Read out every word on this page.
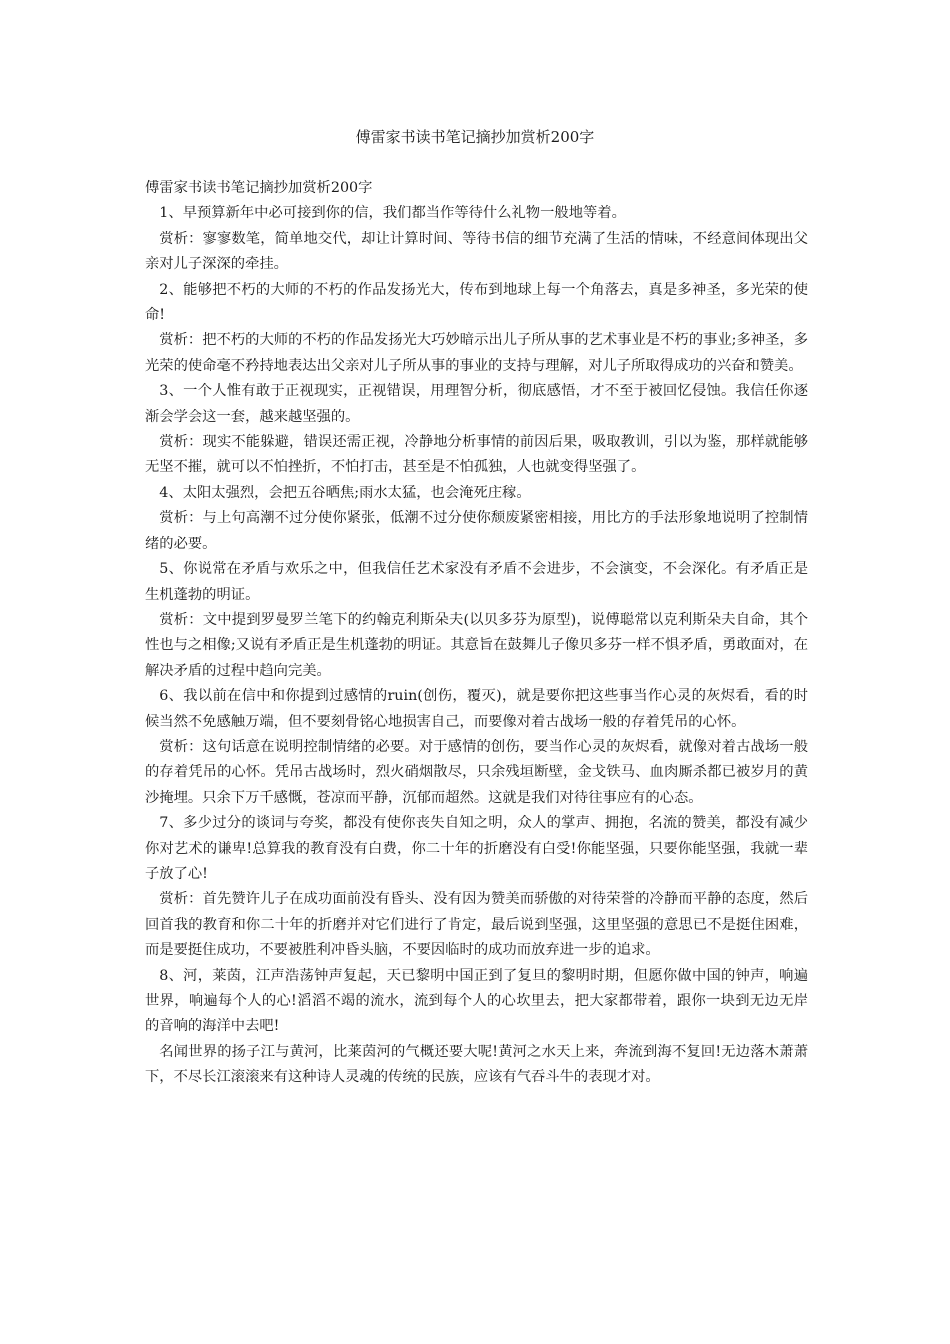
傅雷家书读书笔记摘抄加赏析200字

傅雷家书读书笔记摘抄加赏析200字

1、早预算新年中必可接到你的信，我们都当作等待什么礼物一般地等着。

赏析：寥寥数笔，简单地交代，却让计算时间、等待书信的细节充满了生活的情味，不经意间体现出父亲对儿子深深的牵挂。

2、能够把不朽的大师的不朽的作品发扬光大，传布到地球上每一个角落去，真是多神圣，多光荣的使命!

赏析：把不朽的大师的不朽的作品发扬光大巧妙暗示出儿子所从事的艺术事业是不朽的事业;多神圣，多光荣的使命毫不矜持地表达出父亲对儿子所从事的事业的支持与理解，对儿子所取得成功的兴奋和赞美。

3、一个人惟有敢于正视现实，正视错误，用理智分析，彻底感悟，才不至于被回忆侵蚀。我信任你逐渐会学会这一套，越来越坚强的。

赏析：现实不能躲避，错误还需正视，冷静地分析事情的前因后果，吸取教训，引以为鉴，那样就能够无坚不摧，就可以不怕挫折，不怕打击，甚至是不怕孤独，人也就变得坚强了。

4、太阳太强烈，会把五谷晒焦;雨水太猛，也会淹死庄稼。

赏析：与上句高潮不过分使你紧张，低潮不过分使你颓废紧密相接，用比方的手法形象地说明了控制情绪的必要。

5、你说常在矛盾与欢乐之中，但我信任艺术家没有矛盾不会进步，不会演变，不会深化。有矛盾正是生机蓬勃的明证。

赏析：文中提到罗曼罗兰笔下的约翰克利斯朵夫(以贝多芬为原型)，说傅聪常以克利斯朵夫自命，其个性也与之相像;又说有矛盾正是生机蓬勃的明证。其意旨在鼓舞儿子像贝多芬一样不惧矛盾，勇敢面对，在解决矛盾的过程中趋向完美。

6、我以前在信中和你提到过感情的ruin(创伤，覆灭)，就是要你把这些事当作心灵的灰烬看，看的时候当然不免感触万端，但不要刻骨铭心地损害自己，而要像对着古战场一般的存着凭吊的心怀。

赏析：这句话意在说明控制情绪的必要。对于感情的创伤，要当作心灵的灰烬看，就像对着古战场一般的存着凭吊的心怀。凭吊古战场时，烈火硝烟散尽，只余残垣断壁，金戈铁马、血肉厮杀都已被岁月的黄沙掩埋。只余下万千感慨，苍凉而平静，沉郁而超然。这就是我们对待往事应有的心态。

7、多少过分的谈词与夸奖，都没有使你丧失自知之明，众人的掌声、拥抱，名流的赞美，都没有减少你对艺术的谦卑!总算我的教育没有白费，你二十年的折磨没有白受!你能坚强，只要你能坚强，我就一辈子放了心!

赏析：首先赞许儿子在成功面前没有昏头、没有因为赞美而骄傲的对待荣誉的冷静而平静的态度，然后回首我的教育和你二十年的折磨并对它们进行了肯定，最后说到坚强，这里坚强的意思已不是挺住困难，而是要挺住成功，不要被胜利冲昏头脑，不要因临时的成功而放弃进一步的追求。

8、河，莱茵，江声浩荡钟声复起，天已黎明中国正到了复旦的黎明时期，但愿你做中国的钟声，响遍世界，响遍每个人的心!滔滔不竭的流水，流到每个人的心坎里去，把大家都带着，跟你一块到无边无岸的音响的海洋中去吧!

名闻世界的扬子江与黄河，比莱茵河的气概还要大呢!黄河之水天上来，奔流到海不复回!无边落木萧萧下，不尽长江滚滚来有这种诗人灵魂的传统的民族，应该有气吞斗牛的表现才对。
